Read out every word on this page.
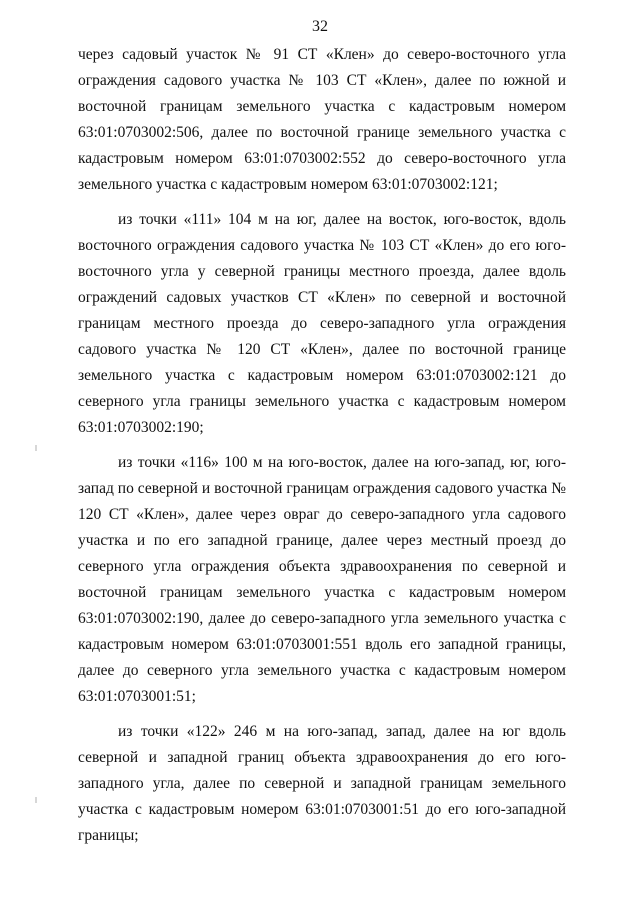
32

через садовый участок № 91 СТ «Клен» до северо-восточного угла ограждения садового участка № 103 СТ «Клен», далее по южной и восточной границам земельного участка с кадастровым номером 63:01:0703002:506, далее по восточной границе земельного участка с кадастровым номером 63:01:0703002:552 до северо-восточного угла земельного участка с кадастровым номером 63:01:0703002:121;

из точки «111» 104 м на юг, далее на восток, юго-восток, вдоль восточного ограждения садового участка № 103 СТ «Клен» до его юго-восточного угла у северной границы местного проезда, далее вдоль ограждений садовых участков СТ «Клен» по северной и восточной границам местного проезда до северо-западного угла ограждения садового участка № 120 СТ «Клен», далее по восточной границе земельного участка с кадастровым номером 63:01:0703002:121 до северного угла границы земельного участка с кадастровым номером 63:01:0703002:190;

из точки «116» 100 м на юго-восток, далее на юго-запад, юг, юго-запад по северной и восточной границам ограждения садового участка № 120 СТ «Клен», далее через овраг до северо-западного угла садового участка и по его западной границе, далее через местный проезд до северного угла ограждения объекта здравоохранения по северной и восточной границам земельного участка с кадастровым номером 63:01:0703002:190, далее до северо-западного угла земельного участка с кадастровым номером 63:01:0703001:551 вдоль его западной границы, далее до северного угла земельного участка с кадастровым номером 63:01:0703001:51;

из точки «122» 246 м на юго-запад, запад, далее на юг вдоль северной и западной границ объекта здравоохранения до его юго-западного угла, далее по северной и западной границам земельного участка с кадастровым номером 63:01:0703001:51 до его юго-западной границы;
